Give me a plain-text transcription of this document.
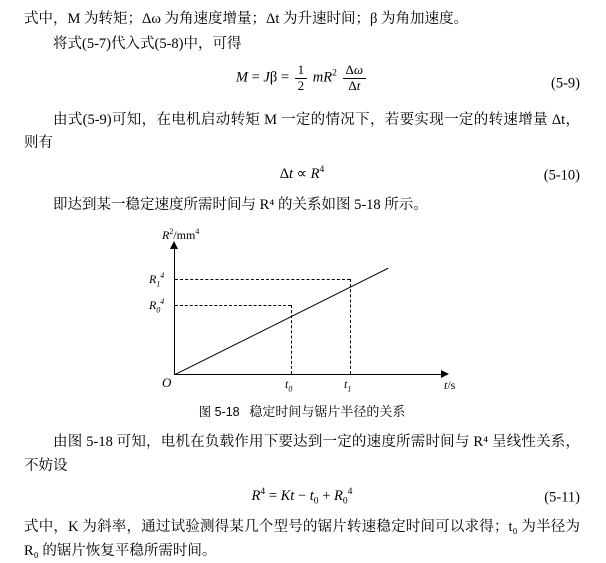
式中，M 为转矩；Δω 为角速度增量；Δt 为升速时间；β 为角加速度。

将式(5-7)代入式(5-8)中，可得

$M = J\beta = \frac{1}{2} mR^2 \frac{\Delta\omega}{\Delta t}$	(5-9)

由式(5-9)可知，在电机启动转矩 M 一定的情况下，若要实现一定的转速增量 Δt，则有

$\Delta t \propto R^4$	(5-10)

即达到某一稳定速度所需时间与 R⁴ 的关系如图 5-18 所示。

$R^2/mm^4$
t/s
O
$R_1^4$
$R_0^4$
$t_0$	$t_1$
图 5-18 稳定时间与锯片半径的关系

由图 5-18 可知，电机在负载作用下要达到一定的速度所需时间与 R⁴ 呈线性关系，不妨设

$R^4 = Kt - t_0 + R_0^4$	(5-11)

式中，K 为斜率，通过试验测得某几个型号的锯片转速稳定时间可以求得；t₀ 为半径为 R₀ 的锯片恢复平稳所需时间。
